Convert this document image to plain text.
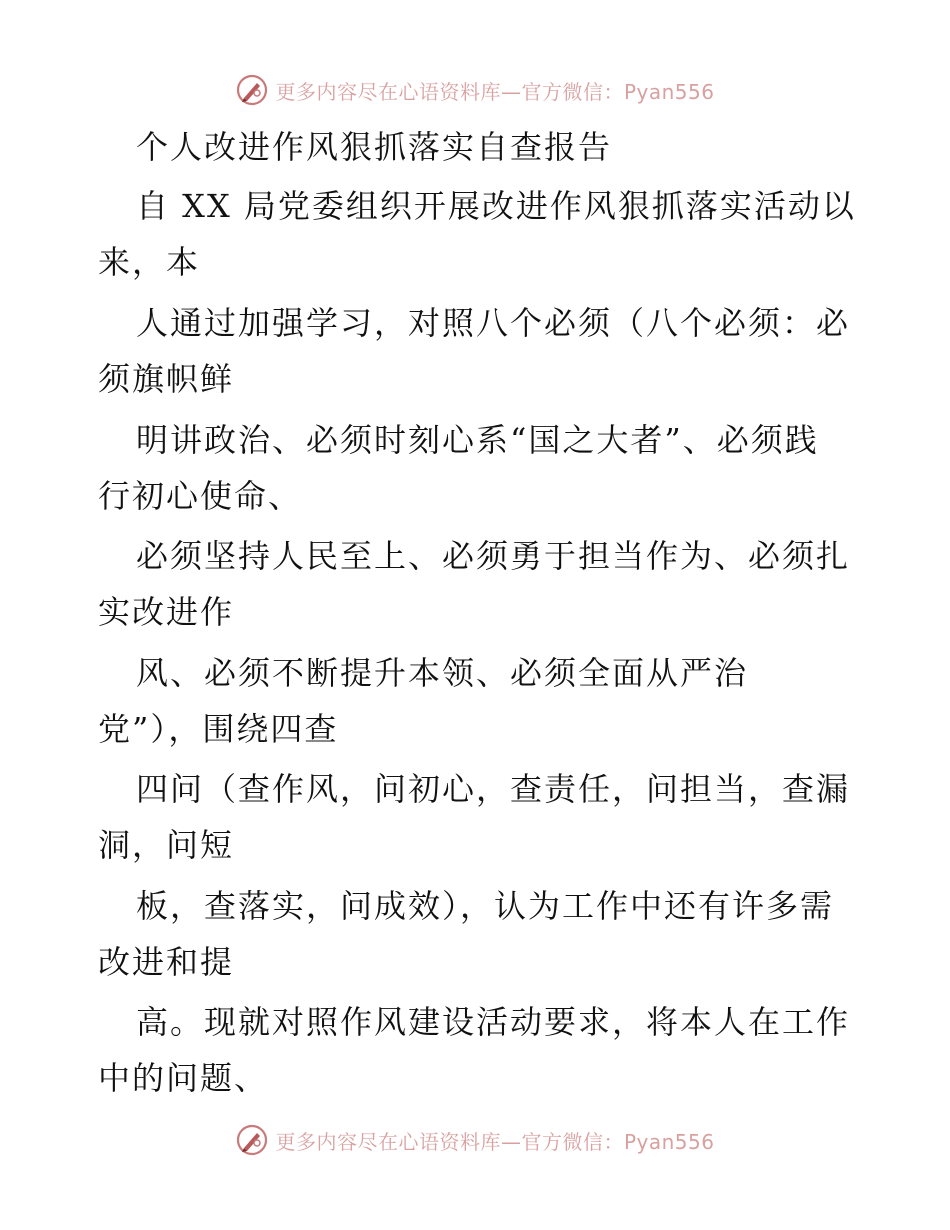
更多内容尽在心语资料库—官方微信：Pyan556
个人改进作风狠抓落实自查报告
自 XX 局党委组织开展改进作风狠抓落实活动以
来，本
人通过加强学习，对照八个必须（八个必须：必
须旗帜鲜
明讲政治、必须时刻心系“国之大者”、必须践
行初心使命、
必须坚持人民至上、必须勇于担当作为、必须扎
实改进作
风、必须不断提升本领、必须全面从严治
党”），围绕四查
四问（查作风，问初心，查责任，问担当，查漏
洞，问短
板，查落实，问成效），认为工作中还有许多需
改进和提
高。现就对照作风建设活动要求，将本人在工作
中的问题、
更多内容尽在心语资料库—官方微信：Pyan556
